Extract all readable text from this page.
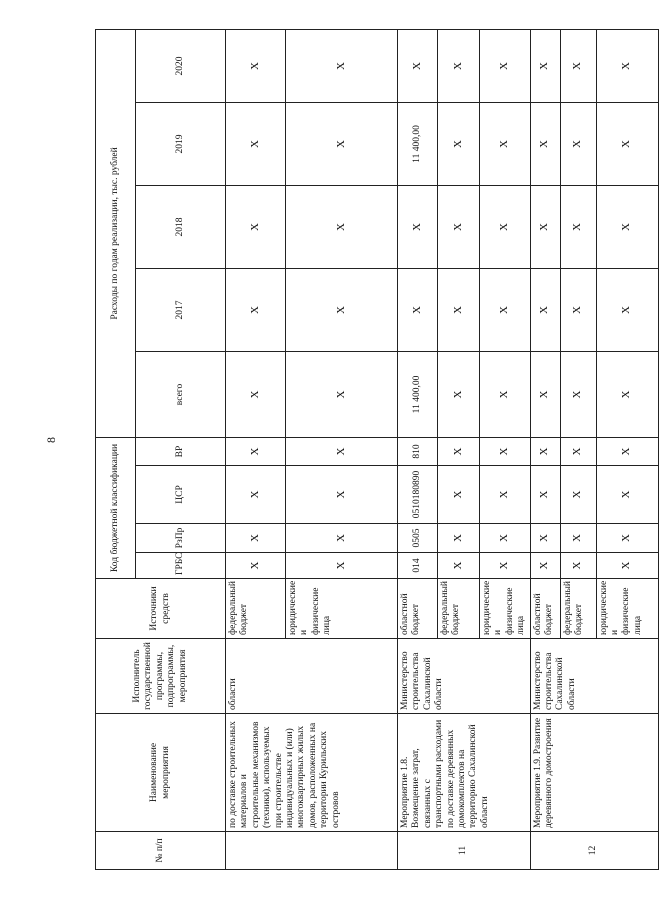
8
№ п/п	Наименование мероприятия	Исполнитель государственной программы, подпрограммы, мероприятия	Источники средств	Код бюджетной классификации				Расходы по годам реализации, тыс. рублей				

				ГРБС	РзПр	ЦСР	ВР	всего	2017	2018	2019	2020
	по доставке строительных материалов и строительные механизмов (техники), используемых при строительстве индивидуальных и (или) многоквартирных жилых домов, расположенных на территории Курильских островов	области	федеральный бюджет	X	X	X	X	X	X	X	X	X
			юридические и физические лица	X	X	X	X	X	X	X	X	X
11	Мероприятие 1.8. Возмещение затрат, связанных с транспортными расходами по доставке деревянных домокомплектов на территорию Сахалинской области	Министерство строительства Сахалинской области	областной бюджет	014	0505	0510180890	810	11 400,00	X	X	11 400,00	X
			федеральный бюджет	X	X	X	X	X	X	X	X	X
			юридические и физические лица	X	X	X	X	X	X	X	X	X
12	Мероприятие 1.9. Развитие деревянного домостроения	Министерство строительства Сахалинской области	областной бюджет	X	X	X	X	X	X	X	X	X
			федеральный бюджет	X	X	X	X	X	X	X	X	X
			юридические и физические лица	X	X	X	X	X	X	X	X	X
